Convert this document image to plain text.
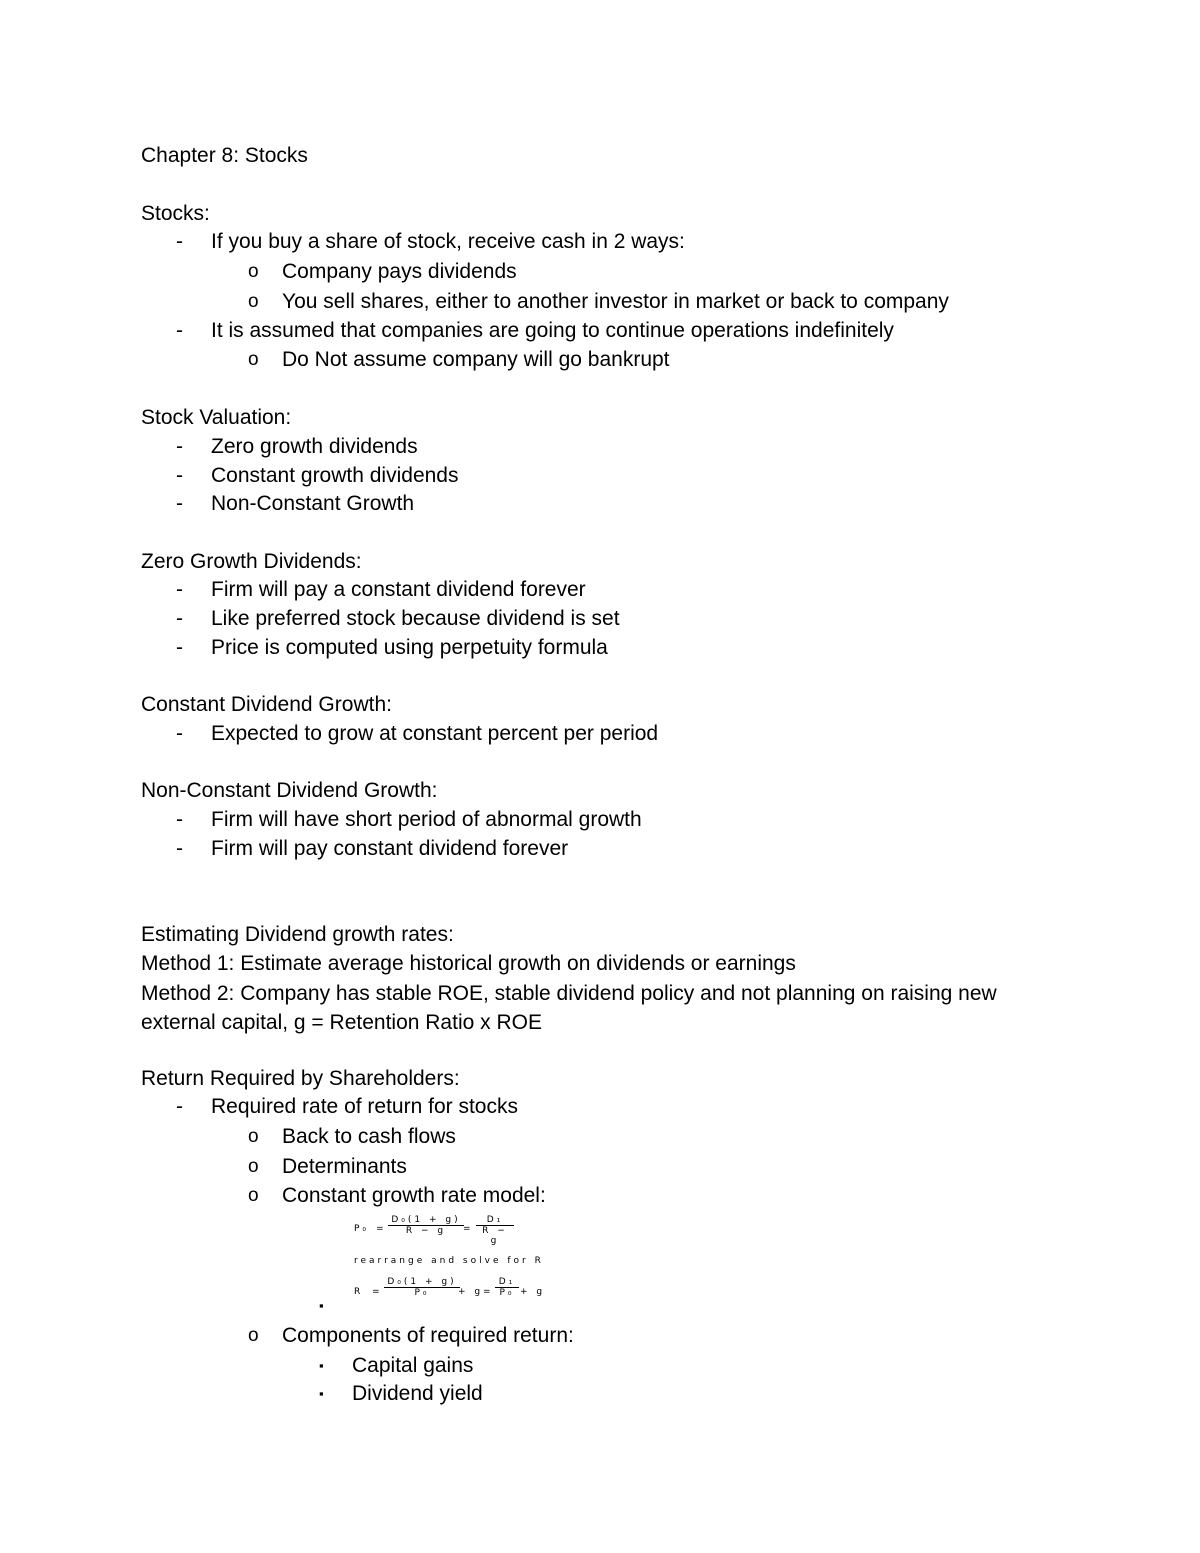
Chapter 8: Stocks
Stocks:
- If you buy a share of stock, receive cash in 2 ways:
o Company pays dividends
o You sell shares, either to another investor in market or back to company
- It is assumed that companies are going to continue operations indefinitely
o Do Not assume company will go bankrupt
Stock Valuation:
- Zero growth dividends
- Constant growth dividends
- Non-Constant Growth
Zero Growth Dividends:
- Firm will pay a constant dividend forever
- Like preferred stock because dividend is set
- Price is computed using perpetuity formula
Constant Dividend Growth:
- Expected to grow at constant percent per period
Non-Constant Dividend Growth:
- Firm will have short period of abnormal growth
- Firm will pay constant dividend forever
Estimating Dividend growth rates:
Method 1: Estimate average historical growth on dividends or earnings
Method 2: Company has stable ROE, stable dividend policy and not planning on raising new external capital, g = Retention Ratio x ROE
Return Required by Shareholders:
- Required rate of return for stocks
o Back to cash flows
o Determinants
o Constant growth rate model:
$P_0 = \frac{\text{D₀(1 + g)}}{R - g} = \frac{\text{D₁}}{R - g}$
rearrange and solve for R
$R = \frac{\text{D₀(1 + g)}}{\text{P₀}}$
+ $g = \frac{\text{D₁}}{\text{P₀}} + g$
▪
o Components of required return:
▪ Capital gains
▪ Dividend yield
